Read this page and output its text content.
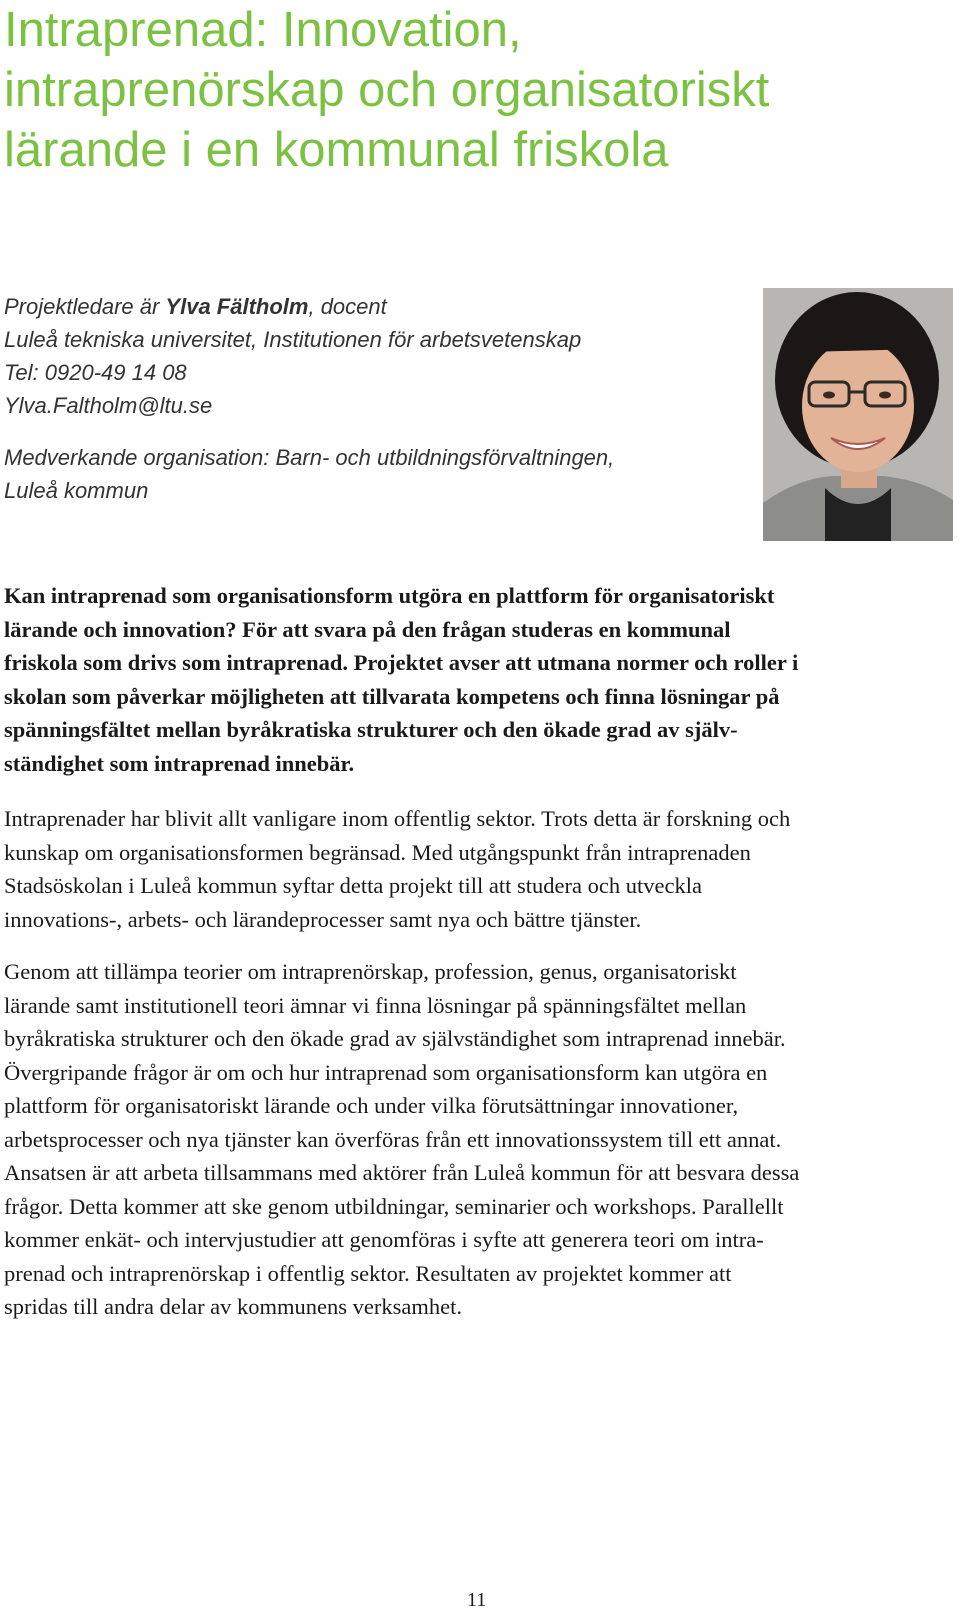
Intraprenad: Innovation,
intraprenörskap och organisatoriskt
lärande i en kommunal friskola
Projektledare är Ylva Fältholm, docent
Luleå tekniska universitet, Institutionen för arbetsvetenskap
Tel: 0920-49 14 08
Ylva.Faltholm@ltu.se
Medverkande organisation: Barn- och utbildningsförvaltningen,
Luleå kommun
Kan intraprenad som organisationsform utgöra en plattform för organisatoriskt
lärande och innovation? För att svara på den frågan studeras en kommunal
friskola som drivs som intraprenad. Projektet avser att utmana normer och roller i
skolan som påverkar möjligheten att tillvarata kompetens och finna lösningar på
spänningsfältet mellan byråkratiska strukturer och den ökade grad av själv-
ständighet som intraprenad innebär.
Intraprenader har blivit allt vanligare inom offentlig sektor. Trots detta är forskning och
kunskap om organisationsformen begränsad. Med utgångspunkt från intraprenaden
Stadsöskolan i Luleå kommun syftar detta projekt till att studera och utveckla
innovations-, arbets- och lärandeprocesser samt nya och bättre tjänster.
Genom att tillämpa teorier om intraprenörskap, profession, genus, organisatoriskt
lärande samt institutionell teori ämnar vi finna lösningar på spänningsfältet mellan
byråkratiska strukturer och den ökade grad av självständighet som intraprenad innebär.
Övergripande frågor är om och hur intraprenad som organisationsform kan utgöra en
plattform för organisatoriskt lärande och under vilka förutsättningar innovationer,
arbetsprocesser och nya tjänster kan överföras från ett innovationssystem till ett annat.
Ansatsen är att arbeta tillsammans med aktörer från Luleå kommun för att besvara dessa
frågor. Detta kommer att ske genom utbildningar, seminarier och workshops. Parallellt
kommer enkät- och intervjustudier att genomföras i syfte att generera teori om intra-
prenad och intraprenörskap i offentlig sektor. Resultaten av projektet kommer att
spridas till andra delar av kommunens verksamhet.
11
